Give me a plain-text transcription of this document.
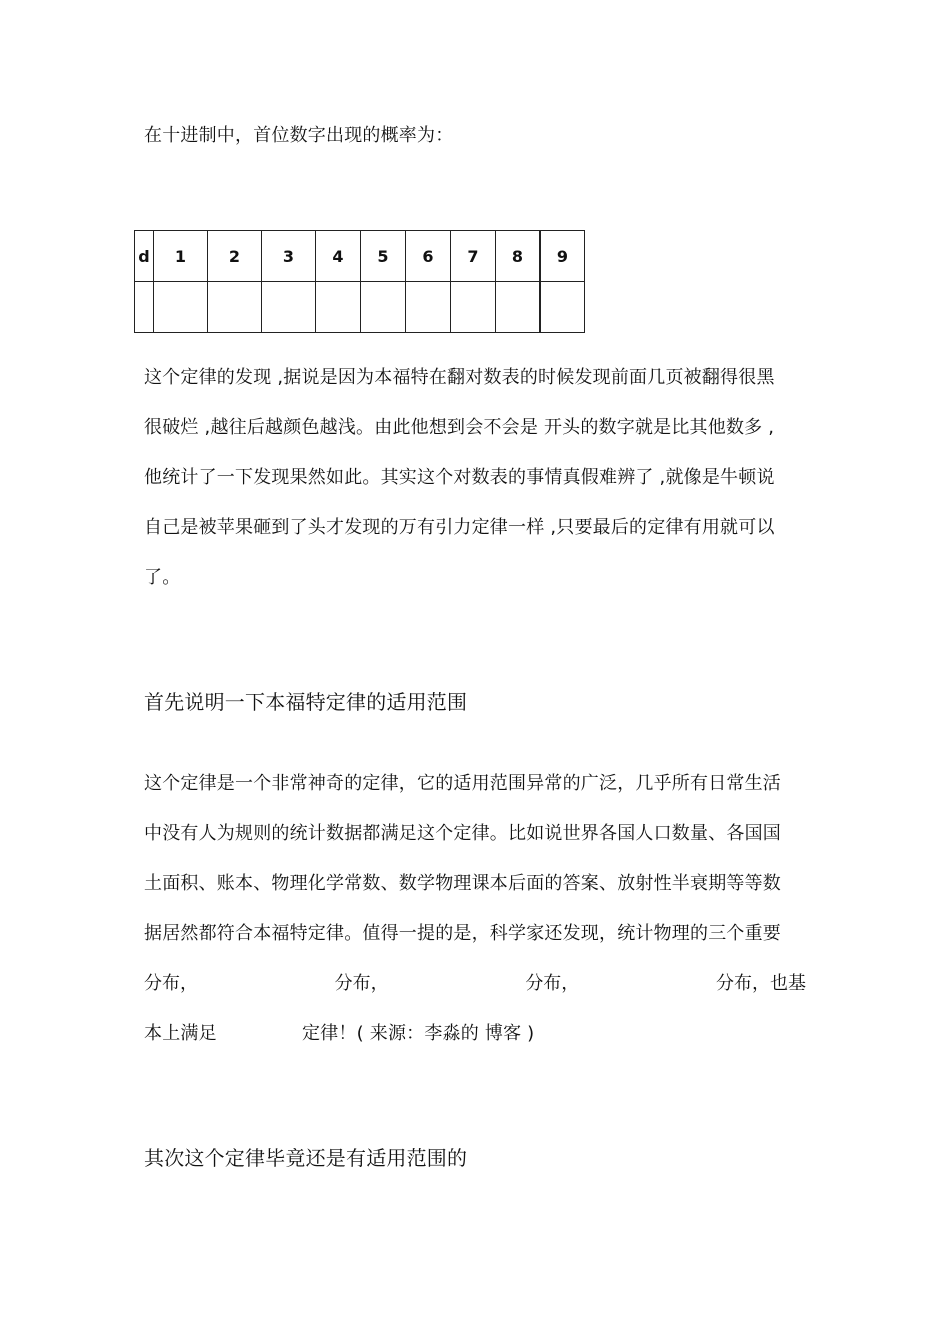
在十进制中，首位数字出现的概率为：
d	1	2	3	4	5	6	7	8	9

这个定律的发现 ,据说是因为本福特在翻对数表的时候发现前面几页被翻得很黑
很破烂 ,越往后越颜色越浅。由此他想到会不会是 开头的数字就是比其他数多 ,
他统计了一下发现果然如此。其实这个对数表的事情真假难辨了 ,就像是牛顿说
自己是被苹果砸到了头才发现的万有引力定律一样 ,只要最后的定律有用就可以
了。
首先说明一下本福特定律的适用范围
这个定律是一个非常神奇的定律，它的适用范围异常的广泛，几乎所有日常生活
中没有人为规则的统计数据都满足这个定律。比如说世界各国人口数量、各国国
土面积、账本、物理化学常数、数学物理课本后面的答案、放射性半衰期等等数
据居然都符合本福特定律。值得一提的是，科学家还发现，统计物理的三个重要
分布，	分布，	分布，	分布，也基
本上满足	定律！( 来源：李淼的 博客 )
其次这个定律毕竟还是有适用范围的
